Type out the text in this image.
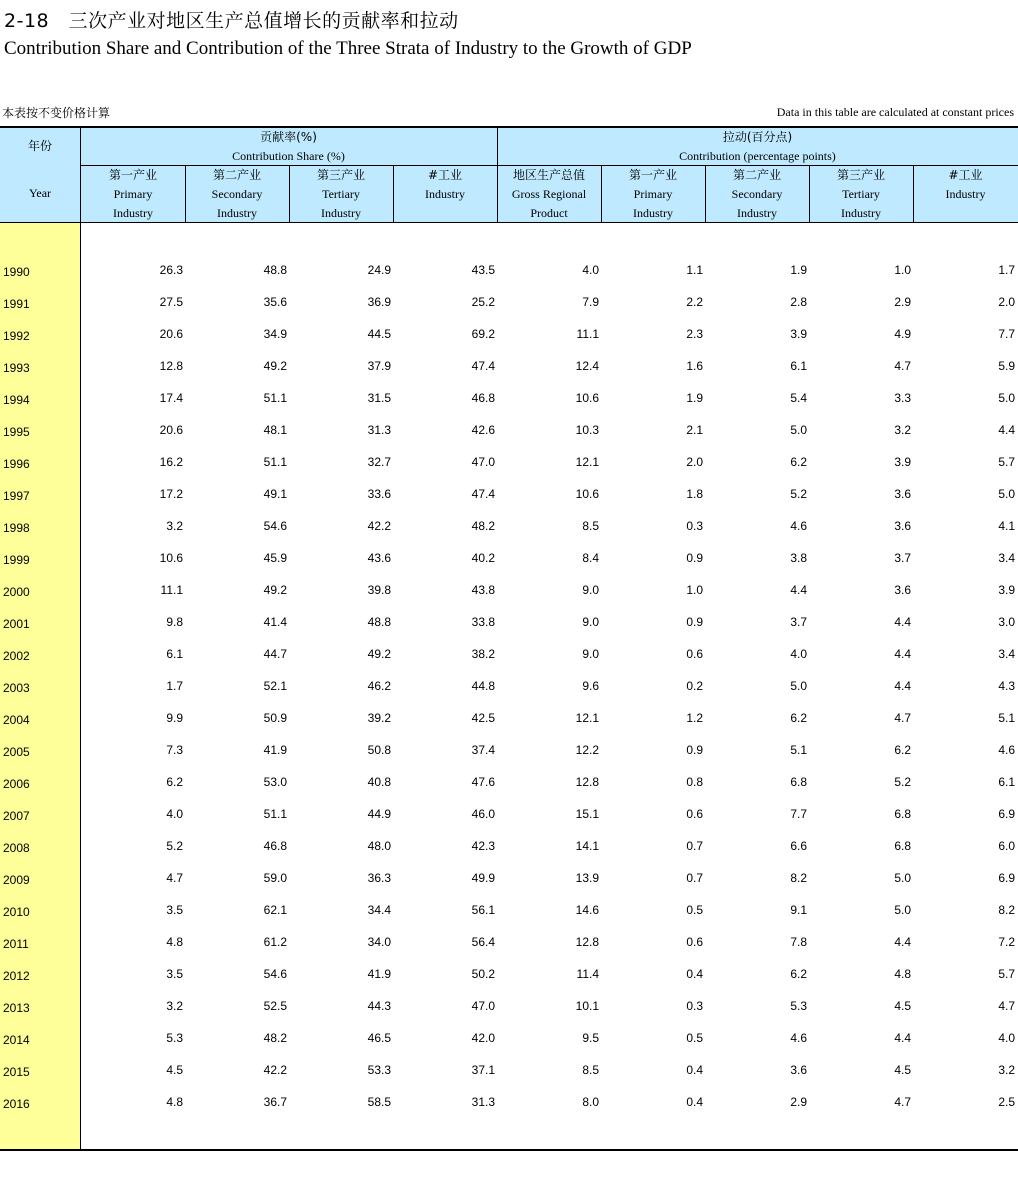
2-18　三次产业对地区生产总值增长的贡献率和拉动
Contribution Share and Contribution of the Three Strata of Industry to the Growth of GDP
本表按不变价格计算	Data in this table are calculated at constant prices
年份
Year
贡献率(%)
Contribution Share (%)
拉动(百分点)
Contribution (percentage points)
第一产业
Primary
Industry
第二产业
Secondary
Industry
第三产业
Tertiary
Industry
#工业
Industry
地区生产总值
Gross Regional
Product
第一产业
Primary
Industry
第二产业
Secondary
Industry
第三产业
Tertiary
Industry
#工业
Industry
1990	26.3	48.8	24.9	43.5	4.0	1.1	1.9	1.0	1.7
1991	27.5	35.6	36.9	25.2	7.9	2.2	2.8	2.9	2.0
1992	20.6	34.9	44.5	69.2	11.1	2.3	3.9	4.9	7.7
1993	12.8	49.2	37.9	47.4	12.4	1.6	6.1	4.7	5.9
1994	17.4	51.1	31.5	46.8	10.6	1.9	5.4	3.3	5.0
1995	20.6	48.1	31.3	42.6	10.3	2.1	5.0	3.2	4.4
1996	16.2	51.1	32.7	47.0	12.1	2.0	6.2	3.9	5.7
1997	17.2	49.1	33.6	47.4	10.6	1.8	5.2	3.6	5.0
1998	3.2	54.6	42.2	48.2	8.5	0.3	4.6	3.6	4.1
1999	10.6	45.9	43.6	40.2	8.4	0.9	3.8	3.7	3.4
2000	11.1	49.2	39.8	43.8	9.0	1.0	4.4	3.6	3.9
2001	9.8	41.4	48.8	33.8	9.0	0.9	3.7	4.4	3.0
2002	6.1	44.7	49.2	38.2	9.0	0.6	4.0	4.4	3.4
2003	1.7	52.1	46.2	44.8	9.6	0.2	5.0	4.4	4.3
2004	9.9	50.9	39.2	42.5	12.1	1.2	6.2	4.7	5.1
2005	7.3	41.9	50.8	37.4	12.2	0.9	5.1	6.2	4.6
2006	6.2	53.0	40.8	47.6	12.8	0.8	6.8	5.2	6.1
2007	4.0	51.1	44.9	46.0	15.1	0.6	7.7	6.8	6.9
2008	5.2	46.8	48.0	42.3	14.1	0.7	6.6	6.8	6.0
2009	4.7	59.0	36.3	49.9	13.9	0.7	8.2	5.0	6.9
2010	3.5	62.1	34.4	56.1	14.6	0.5	9.1	5.0	8.2
2011	4.8	61.2	34.0	56.4	12.8	0.6	7.8	4.4	7.2
2012	3.5	54.6	41.9	50.2	11.4	0.4	6.2	4.8	5.7
2013	3.2	52.5	44.3	47.0	10.1	0.3	5.3	4.5	4.7
2014	5.3	48.2	46.5	42.0	9.5	0.5	4.6	4.4	4.0
2015	4.5	42.2	53.3	37.1	8.5	0.4	3.6	4.5	3.2
2016	4.8	36.7	58.5	31.3	8.0	0.4	2.9	4.7	2.5
